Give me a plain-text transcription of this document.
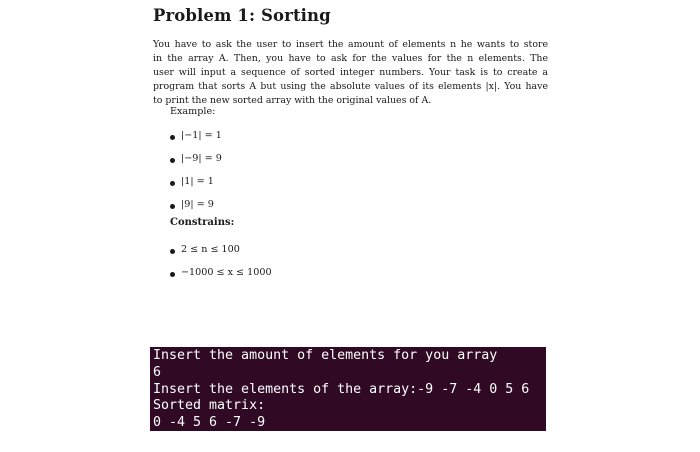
Problem 1: Sorting
You have to ask the user to insert the amount of elements n he wants to store
in the array A. Then, you have to ask for the values for the n elements. The
user will input a sequence of sorted integer numbers. Your task is to create a
program that sorts A but using the absolute values of its elements |x|. You have
to print the new sorted array with the original values of A.
Example:
|−1| = 1
|−9| = 9
|1| = 1
|9| = 9
Constrains:
2 ≤ n ≤ 100
−1000 ≤ x ≤ 1000
Insert the amount of elements for you array
6
Insert the elements of the array:-9 -7 -4 0 5 6
Sorted matrix:
0 -4 5 6 -7 -9
